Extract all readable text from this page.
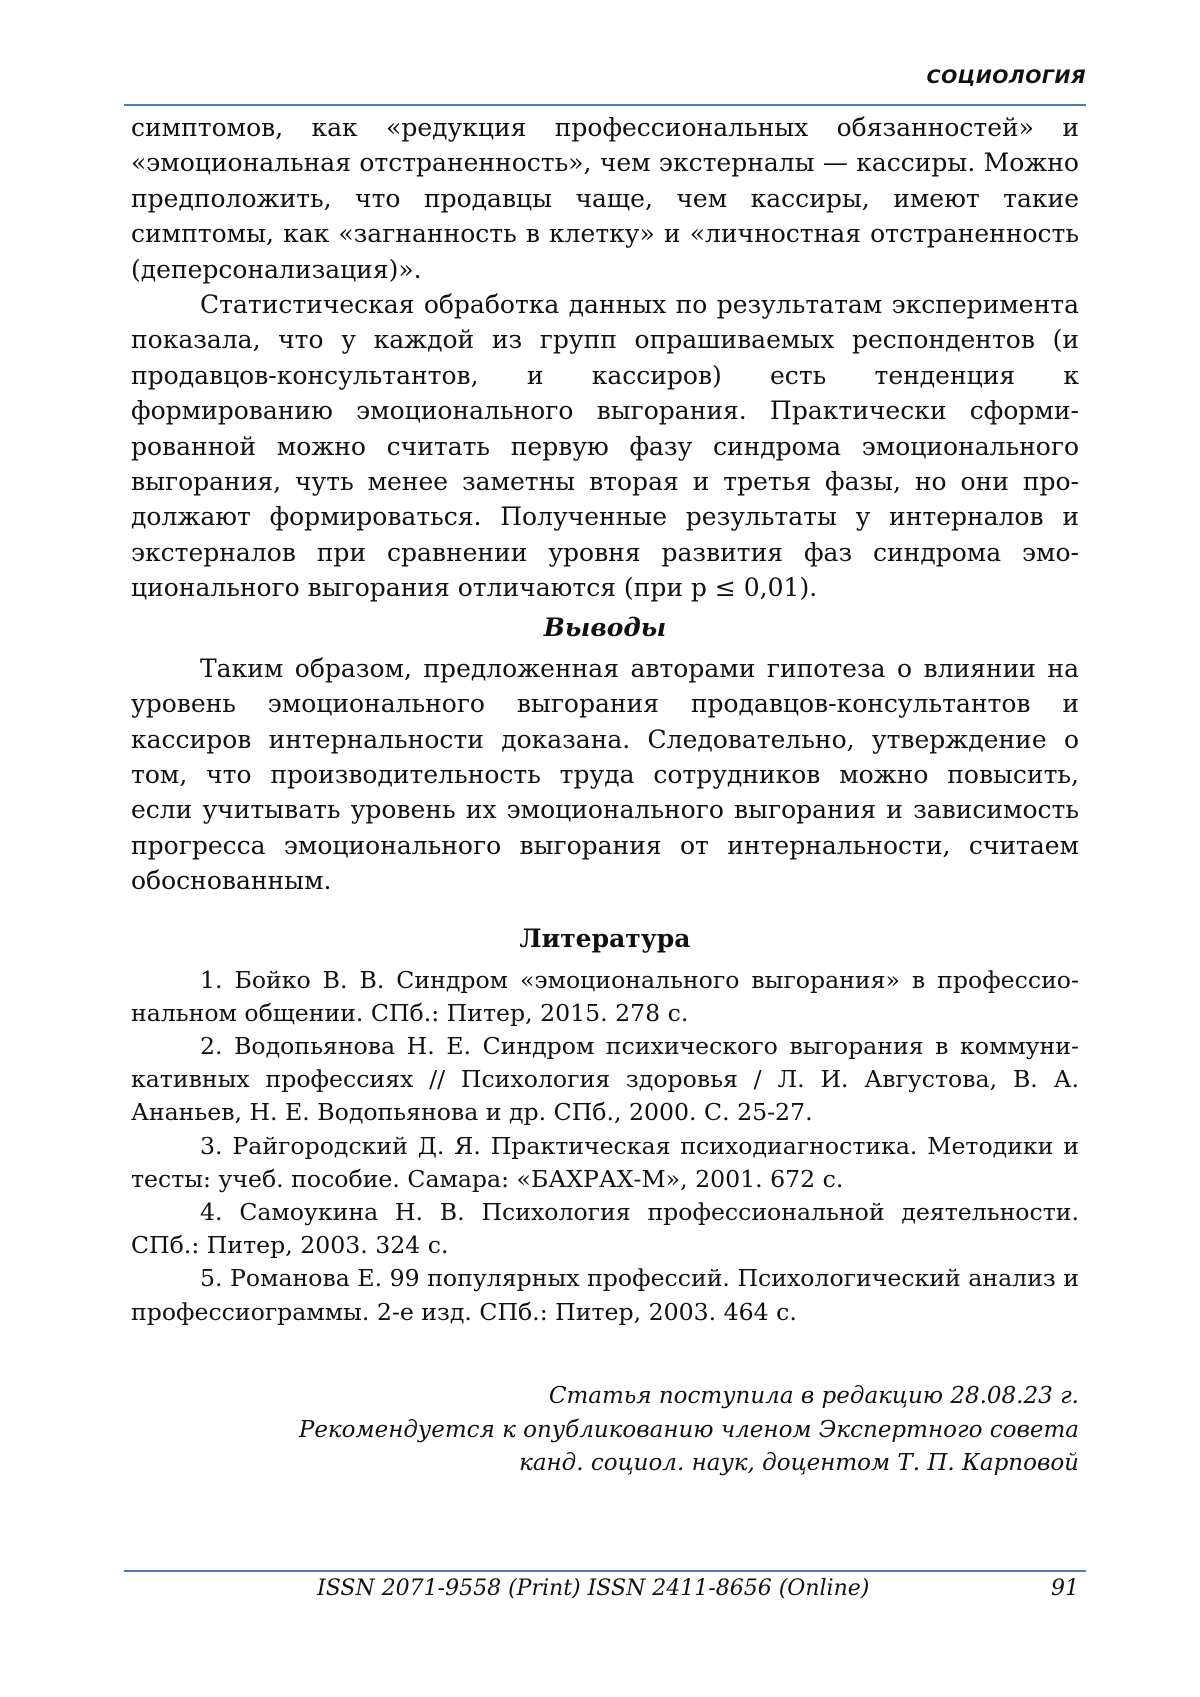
СОЦИОЛОГИЯ

симптомов, как «редукция профессиональных обязанностей» и «эмоциональная отстраненность», чем экстерналы — кассиры. Можно предположить, что продавцы чаще, чем кассиры, имеют та­кие симптомы, как «загнанность в клетку» и «личностная отстра­ненность (деперсонализация)».

Статистическая обработка данных по результатам экспери­мента показала, что у каждой из групп опрашиваемых респонден­тов (и продавцов-консультантов, и кассиров) есть тенденция к формированию эмоционального выгорания. Практически сформи­рованной можно считать первую фазу синдрома эмоционального выгорания, чуть менее заметны вторая и третья фазы, но они про­должают формироваться. Полученные результаты у интерналов и экстерналов при сравнении уровня развития фаз синдрома эмо­ционального выгорания отличаются (при p ≤ 0,01).

Выводы

Таким образом, предложенная авторами гипотеза о влиянии на уровень эмоционального выгорания продавцов-консультантов и кассиров интернальности доказана. Следовательно, утверждение о том, что производительность труда сотрудников можно повысить, если учитывать уровень их эмоционального выгорания и зависи­мость прогресса эмоционального выгорания от интернальности, считаем обоснованным.

Литература
1. Бойко В. В. Синдром «эмоционального выгорания» в профессио­нальном общении. СПб.: Питер, 2015. 278 с.
2. Водопьянова Н. Е. Синдром психического выгорания в коммуни­кативных профессиях // Психология здоровья / Л. И. Августова, В. А. Ананьев, Н. Е. Водопьянова и др. СПб., 2000. С. 25-27.
3. Райгородский Д. Я. Практическая психодиагностика. Методики и тесты: учеб. пособие. Самара: «БАХРАХ-М», 2001. 672 с.
4. Самоукина Н. В. Психология профессиональной деятельности. СПб.: Питер, 2003. 324 с.
5. Романова Е. 99 популярных профессий. Психологический анализ и профессиограммы. 2-е изд. СПб.: Питер, 2003. 464 с.
Статья поступила в редакцию 28.08.23 г.
Рекомендуется к опубликованию членом Экспертного совета
канд. социол. наук, доцентом Т. П. Карповой
ISSN 2071-9558 (Print) ISSN 2411-8656 (Online)	91
